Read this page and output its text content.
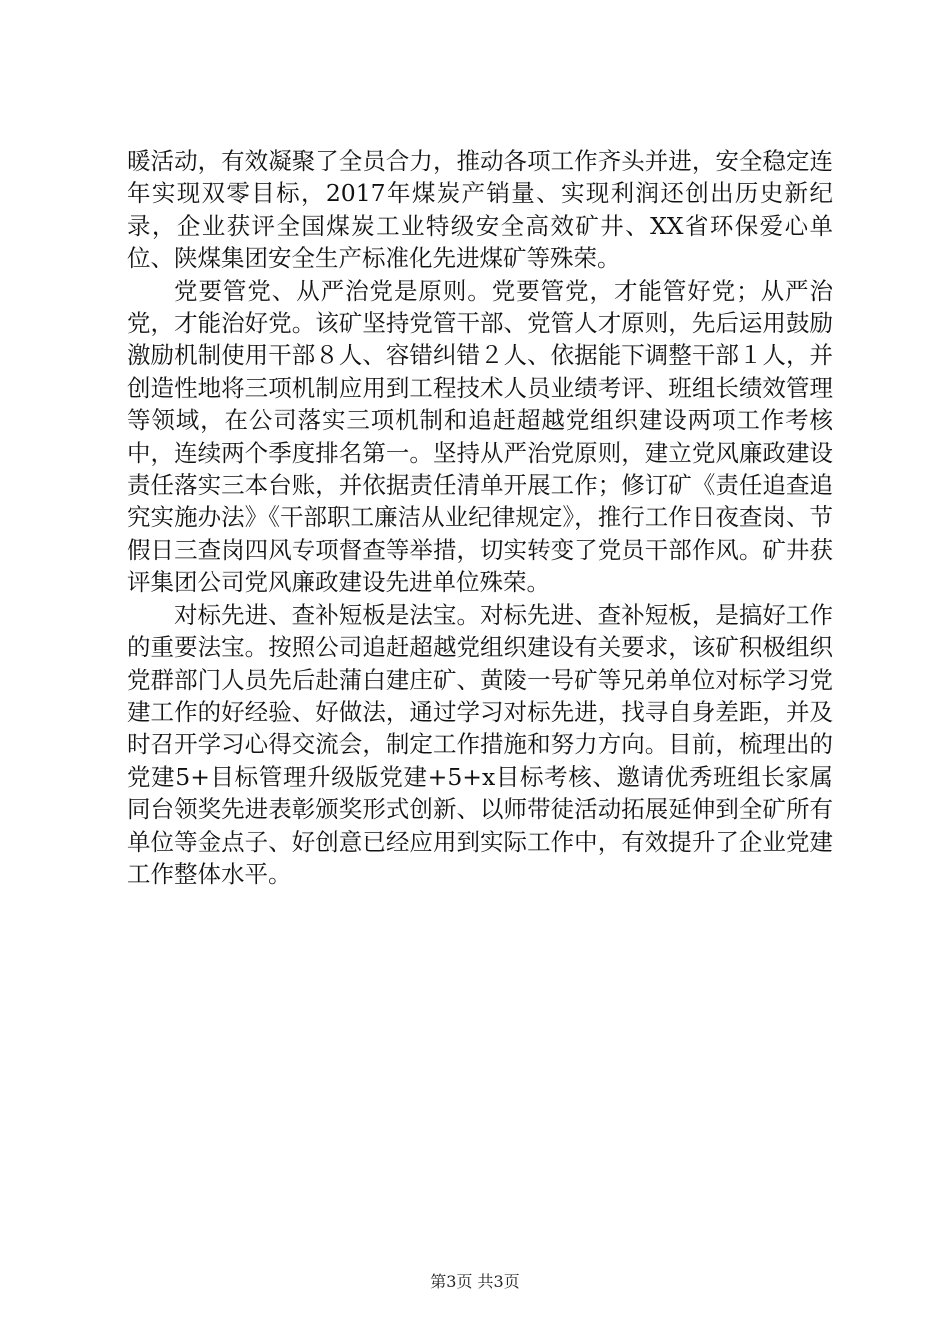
暖活动，有效凝聚了全员合力，推动各项工作齐头并进，安全稳定连年实现双零目标，2017年煤炭产销量、实现利润还创出历史新纪录，企业获评全国煤炭工业特级安全高效矿井、XX省环保爱心单位、陕煤集团安全生产标准化先进煤矿等殊荣。

党要管党、从严治党是原则。党要管党，才能管好党；从严治党，才能治好党。该矿坚持党管干部、党管人才原则，先后运用鼓励激励机制使用干部８人、容错纠错２人、依据能下调整干部１人，并创造性地将三项机制应用到工程技术人员业绩考评、班组长绩效管理等领域，在公司落实三项机制和追赶超越党组织建设两项工作考核中，连续两个季度排名第一。坚持从严治党原则，建立党风廉政建设责任落实三本台账，并依据责任清单开展工作；修订矿《责任追查追究实施办法》《干部职工廉洁从业纪律规定》，推行工作日夜查岗、节假日三查岗四风专项督查等举措，切实转变了党员干部作风。矿井获评集团公司党风廉政建设先进单位殊荣。

对标先进、查补短板是法宝。对标先进、查补短板，是搞好工作的重要法宝。按照公司追赶超越党组织建设有关要求，该矿积极组织党群部门人员先后赴蒲白建庄矿、黄陵一号矿等兄弟单位对标学习党建工作的好经验、好做法，通过学习对标先进，找寻自身差距，并及时召开学习心得交流会，制定工作措施和努力方向。目前，梳理出的党建5+目标管理升级版党建+5+x目标考核、邀请优秀班组长家属同台领奖先进表彰颁奖形式创新、以师带徒活动拓展延伸到全矿所有单位等金点子、好创意已经应用到实际工作中，有效提升了企业党建工作整体水平。

第3页 共3页
